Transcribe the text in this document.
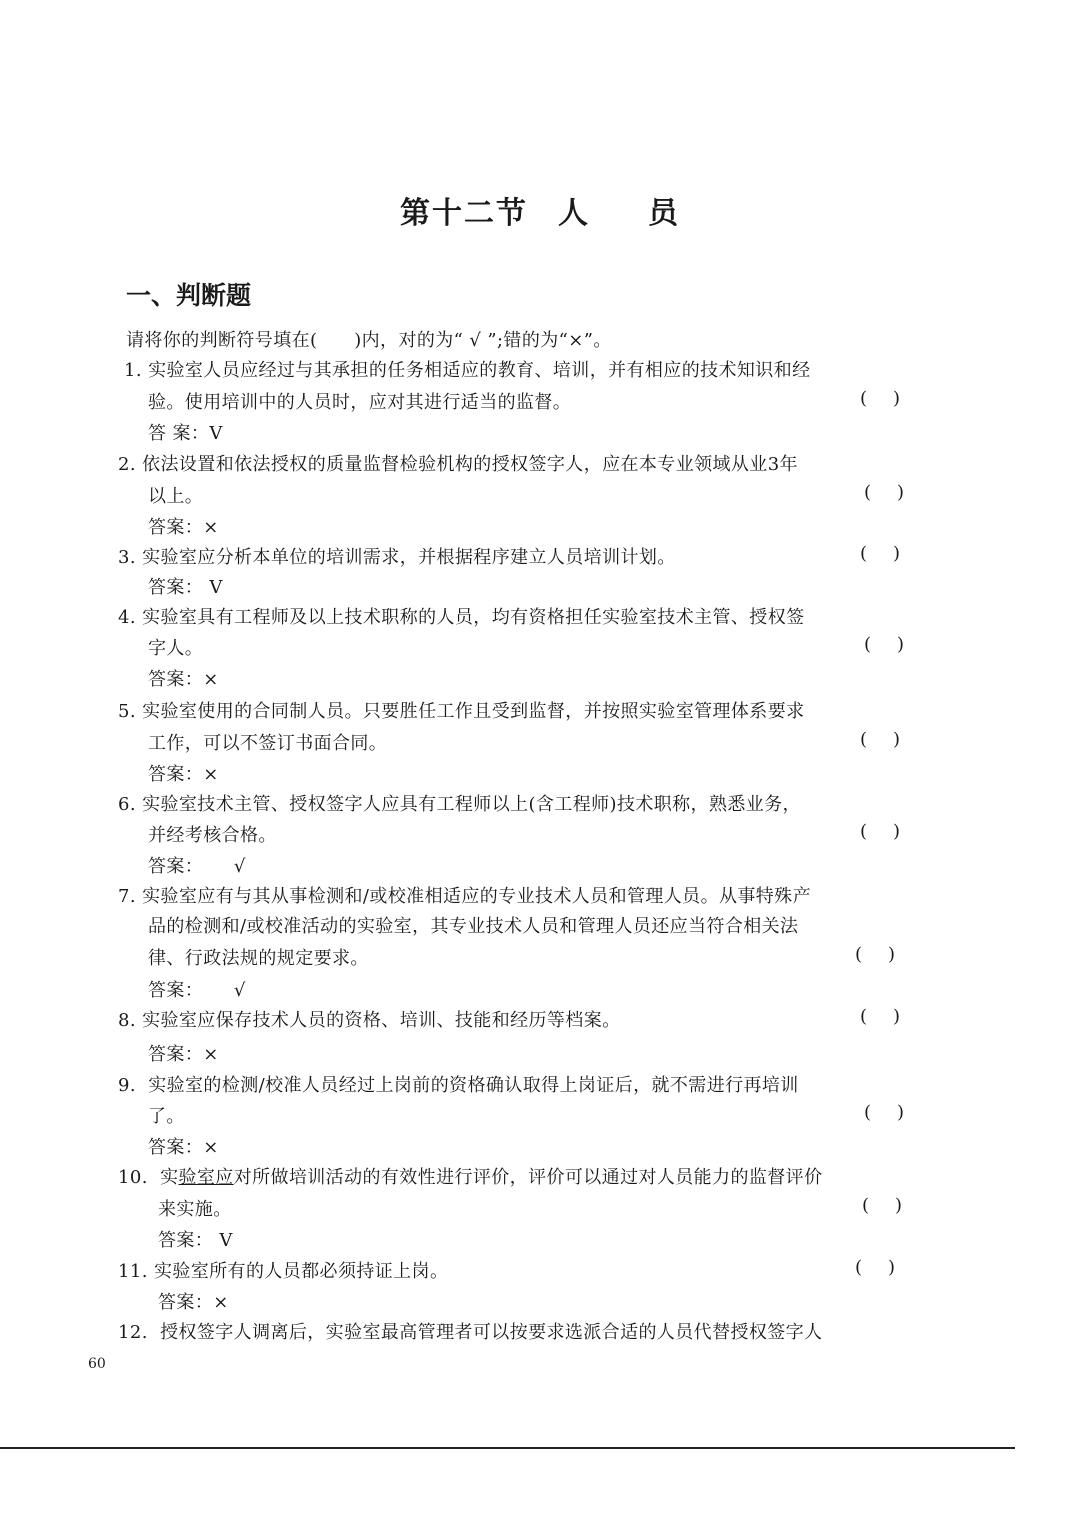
第十二节 人 员
一、判断题
请将你的判断符号填在(　　)内，对的为“ √ ”;错的为“×”。
1. 实验室人员应经过与其承担的任务相适应的教育、培训，并有相应的技术知识和经
验。使用培训中的人员时，应对其进行适当的监督。	( )
答 案：V
2. 依法设置和依法授权的质量监督检验机构的授权签字人，应在本专业领域从业3年
以上。	( )
答案：×
3. 实验室应分析本单位的培训需求，并根据程序建立人员培训计划。	( )
答案： V
4. 实验室具有工程师及以上技术职称的人员，均有资格担任实验室技术主管、授权签
字人。	( )
答案：×
5. 实验室使用的合同制人员。只要胜任工作且受到监督，并按照实验室管理体系要求
工作，可以不签订书面合同。	( )
答案：×
6. 实验室技术主管、授权签字人应具有工程师以上(含工程师)技术职称，熟悉业务，
并经考核合格。	( )
答案： √
7. 实验室应有与其从事检测和/或校准相适应的专业技术人员和管理人员。从事特殊产
品的检测和/或校准活动的实验室，其专业技术人员和管理人员还应当符合相关法
律、行政法规的规定要求。	( )
答案： √
8. 实验室应保存技术人员的资格、培训、技能和经历等档案。	( )
答案：×
9. 实验室的检测/校准人员经过上岗前的资格确认取得上岗证后，就不需进行再培训
了。	( )
答案：×
10. 实验室应对所做培训活动的有效性进行评价，评价可以通过对人员能力的监督评价
来实施。	( )
答案： V
11. 实验室所有的人员都必须持证上岗。	( )
答案：×
12. 授权签字人调离后，实验室最高管理者可以按要求选派合适的人员代替授权签字人
60
